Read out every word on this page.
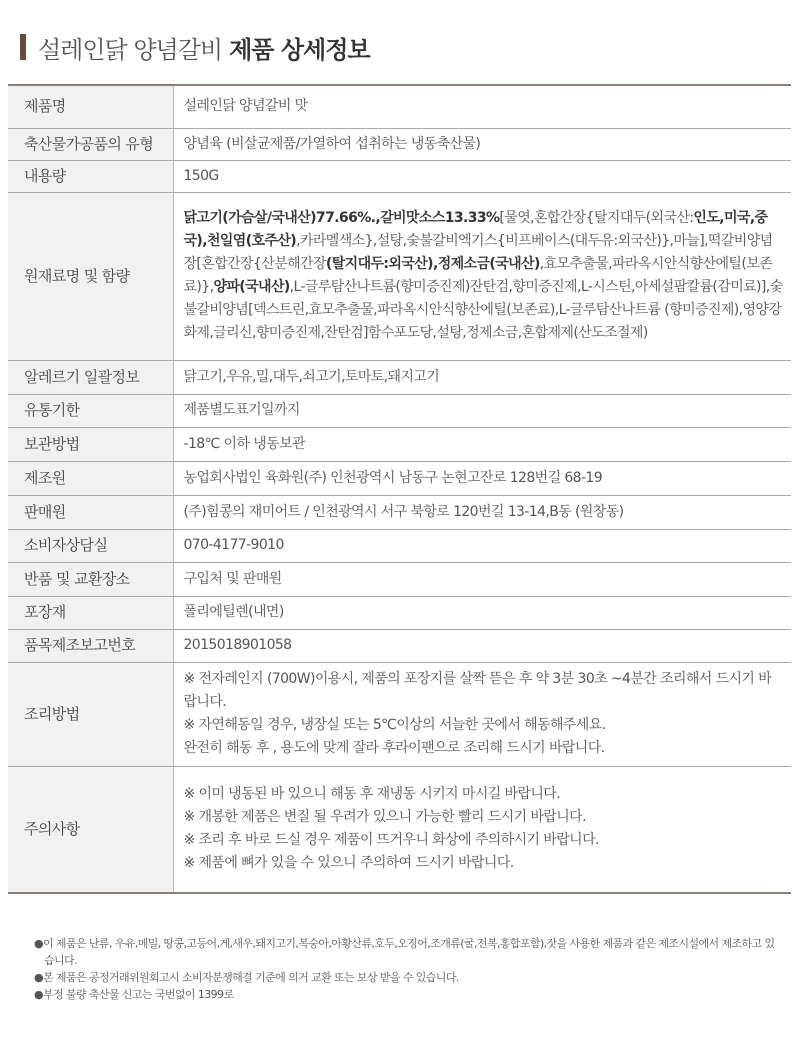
설레인닭 양념갈비 제품 상세정보
제품명	설레인닭 양념갈비 맛
축산물가공품의 유형	양념육 (비살균제품/가열하여 섭취하는 냉동축산물)
내용량	150G
원재료명 및 함량	닭고기(가슴살/국내산)77.66%.,갈비맛소스13.33%[물엿,혼합간장{탈지대두(외국산:인도,미국,중국),천일염(호주산),카라멜색소},설탕,숯불갈비엑기스{비프베이스(대두유:외국산)},마늘],떡갈비양념장[혼합간장{산분해간장(탈지대두:외국산),정제소금(국내산),효모추출물,파라옥시안식향산에틸(보존료)},양파(국내산),L-글루탐산나트륨(향미증진제)잔탄검,향미증진제,L-시스틴,아세설팜칼륨(감미료)],숯불갈비양념[덱스트린,효모추출물,파라옥시안식향산에틸(보존료),L-글루탐산나트륨 (향미증진제),영양강화제,글리신,향미증진제,잔탄검]함수포도당,설탕,정제소금,혼합제제(산도조절제)
알레르기 일괄정보	닭고기,우유,밀,대두,쇠고기,토마토,돼지고기
유통기한	제품별도표기일까지
보관방법	-18℃ 이하 냉동보관
제조원	농업회사법인 육화원(주) 인천광역시 남동구 논현고잔로 128번길 68-19
판매원	(주)힘콩의 재미어트 / 인천광역시 서구 북항로 120번길 13-14,B동 (원창동)
소비자상담실	070-4177-9010
반품 및 교환장소	구입처 및 판매원
포장재	폴리에틸렌(내면)
품목제조보고번호	2015018901058
조리방법	※ 전자레인지 (700W)이용시, 제품의 포장지를 살짝 뜯은 후 약 3분 30초 ~4분간 조리해서 드시기 바랍니다.
※ 자연해동일 경우, 냉장실 또는 5℃이상의 서늘한 곳에서 해동해주세요.
완전히 해동 후 , 용도에 맞게 잘라 후라이팬으로 조리해 드시기 바랍니다.

주의사항	※ 이미 냉동된 바 있으니 해동 후 재냉동 시키지 마시길 바랍니다.
※ 개봉한 제품은 변질 될 우려가 있으니 가능한 빨리 드시기 바랍니다.
※ 조리 후 바로 드실 경우 제품이 뜨거우니 화상에 주의하시기 바랍니다.
※ 제품에 뼈가 있을 수 있으니 주의하여 드시기 바랍니다.
●이 제품은 난류, 우유,메밀, 땅콩,고등어,게,새우,돼지고기,복숭아,아황산류,호두,오징어,조개류(굴,전복,홍합포함),잣을 사용한 제품과 같은 제조시설에서 제조하고 있습니다.
●본 제품은 공정거래위원회고시 소비자분쟁해결 기준에 의거 교환 또는 보상 받을 수 있습니다.
●부정 불량 축산물 신고는 국번없이 1399로
